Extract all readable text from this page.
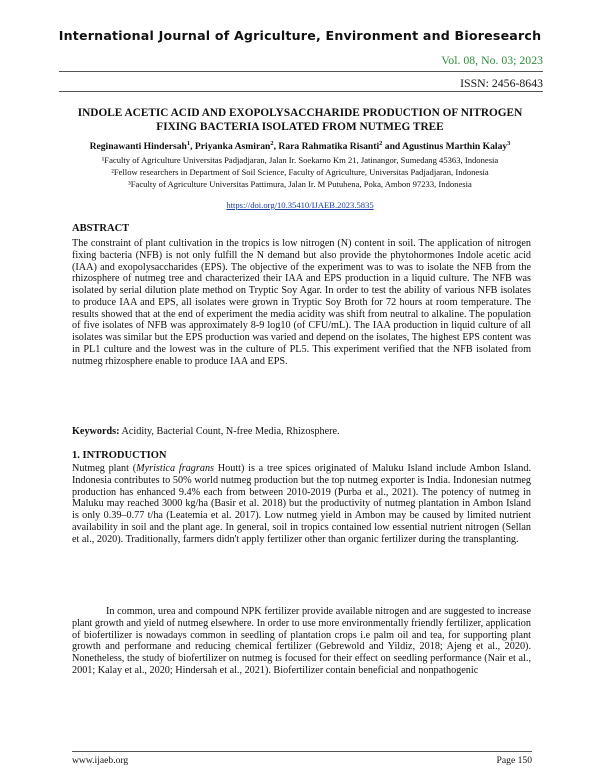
International Journal of Agriculture, Environment and Bioresearch
Vol. 08, No. 03; 2023
ISSN: 2456-8643
INDOLE ACETIC ACID AND EXOPOLYSACCHARIDE PRODUCTION OF NITROGEN FIXING BACTERIA ISOLATED FROM NUTMEG TREE
Reginawanti Hindersah$^1$, Priyanka Asmiran$^2$, Rara Rahmatika Risanti$^2$ and Agustinus Marthin Kalay$^3$
¹Faculty of Agriculture Universitas Padjadjaran, Jalan Ir. Soekarno Km 21, Jatinangor, Sumedang 45363, Indonesia
²Fellow researchers in Department of Soil Science, Faculty of Agriculture, Universitas Padjadjaran, Indonesia
³Faculty of Agriculture Universitas Pattimura, Jalan Ir. M Putuhena, Poka, Ambon 97233, Indonesia
https://doi.org/10.35410/IJAEB.2023.5835
ABSTRACT
The constraint of plant cultivation in the tropics is low nitrogen (N) content in soil. The application of nitrogen fixing bacteria (NFB) is not only fulfill the N demand but also provide the phytohormones Indole acetic acid (IAA) and exopolysaccharides (EPS). The objective of the experiment was to was to isolate the NFB from the rhizosphere of nutmeg tree and characterized their IAA and EPS production in a liquid culture. The NFB was isolated by serial dilution plate method on Tryptic Soy Agar. In order to test the ability of various NFB isolates to produce IAA and EPS, all isolates were grown in Tryptic Soy Broth for 72 hours at room temperature. The results showed that at the end of experiment the media acidity was shift from neutral to alkaline. The population of five isolates of NFB was approximately 8-9 log10 (of CFU/mL). The IAA production in liquid culture of all isolates was similar but the EPS production was varied and depend on the isolates, The highest EPS content was in PL1 culture and the lowest was in the culture of PL5. This experiment verified that the NFB isolated from nutmeg rhizosphere enable to produce IAA and EPS.
Keywords: Acidity, Bacterial Count, N-free Media, Rhizosphere.
1. INTRODUCTION
Nutmeg plant (Myristica fragrans Houtt) is a tree spices originated of Maluku Island include Ambon Island. Indonesia contributes to 50% world nutmeg production but the top nutmeg exporter is India. Indonesian nutmeg production has enhanced 9.4% each from between 2010-2019 (Purba et al., 2021). The potency of nutmeg in Maluku may reached 3000 kg/ha (Basir et al. 2018) but the productivity of nutmeg plantation in Ambon Island is only 0.39–0.77 t/ha (Leatemia et al. 2017). Low nutmeg yield in Ambon may be caused by limited nutrient availability in soil and the plant age. In general, soil in tropics contained low essential nutrient nitrogen (Sellan et al., 2020). Traditionally, farmers didn't apply fertilizer other than organic fertilizer during the transplanting.
In common, urea and compound NPK fertilizer provide available nitrogen and are suggested to increase plant growth and yield of nutmeg elsewhere. In order to use more environmentally friendly fertilizer, application of biofertilizer is nowadays common in seedling of plantation crops i.e palm oil and tea, for supporting plant growth and performane and reducing chemical fertilizer (Gebrewold and Yildiz, 2018; Ajeng et al., 2020). Nonetheless, the study of biofertilizer on nutmeg is focused for their effect on seedling performance (Nair et al., 2001; Kalay et al., 2020; Hindersah et al., 2021). Biofertilizer contain beneficial and nonpathogenic
www.ijaeb.org	Page 150
